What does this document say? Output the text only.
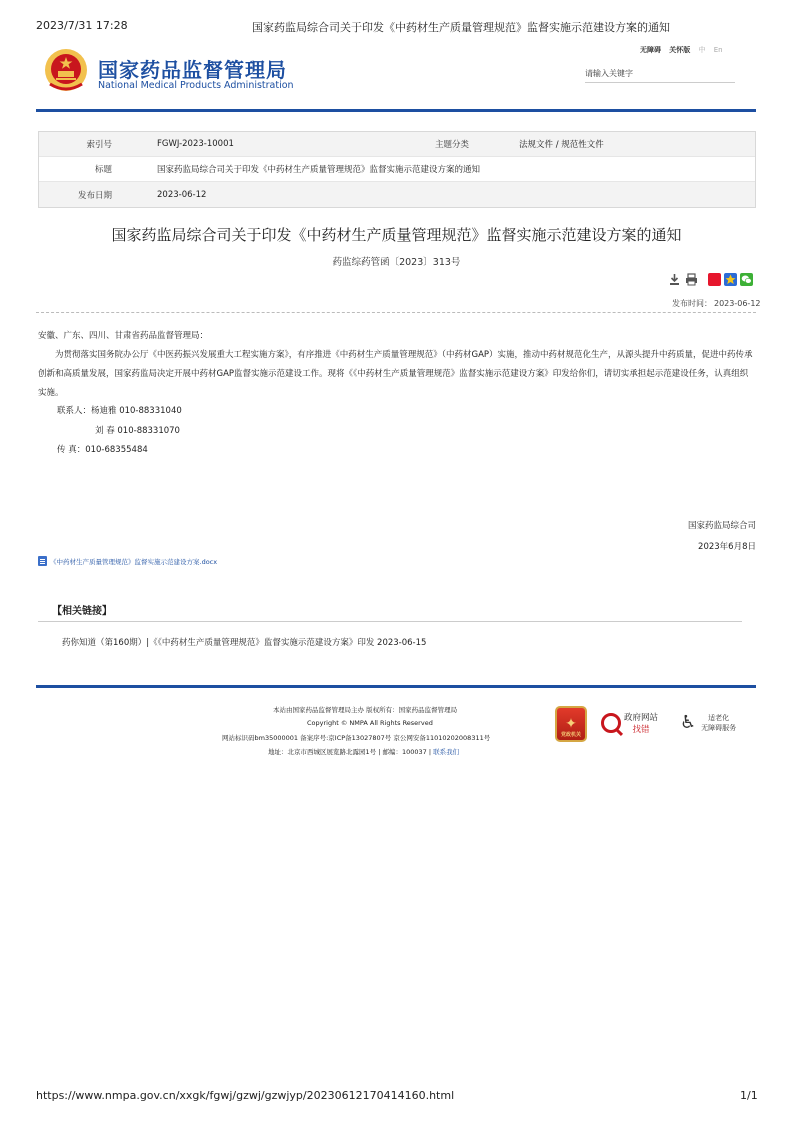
2023/7/31 17:28	国家药监局综合司关于印发《中药材生产质量管理规范》监督实施示范建设方案的通知
国家药品监督管理局
National Medical Products Administration
无障碍 关怀版 中 En
请输入关键字
索引号	FGWJ-2023-10001	主题分类	法规文件 / 规范性文件
标题	国家药监局综合司关于印发《中药材生产质量管理规范》监督实施示范建设方案的通知
发布日期	2023-06-12
国家药监局综合司关于印发《中药材生产质量管理规范》监督实施示范建设方案的通知
药监综药管函〔2023〕313号
发布时间： 2023-06-12
安徽、广东、四川、甘肃省药品监督管理局：
为贯彻落实国务院办公厅《中医药振兴发展重大工程实施方案》，有序推进《中药材生产质量管理规范》（中药材GAP）实施，推动中药材规范化生产，从源头提升中药质量，促进中药传承创新和高质量发展，国家药监局决定开展中药材GAP监督实施示范建设工作。现将《《中药材生产质量管理规范》监督实施示范建设方案》印发给你们，请切实承担起示范建设任务，认真组织实施。
联系人：杨迪雅 010-88331040
刘 春 010-88331070
传 真：010-68355484
国家药监局综合司
2023年6月8日
《中药材生产质量管理规范》监督实施示范建设方案.docx
【相关链接】
药你知道（第160期）|《《中药材生产质量管理规范》监督实施示范建设方案》印发 2023-06-15
本站由国家药品监督管理局主办 版权所有：国家药品监督管理局
Copyright © NMPA All Rights Reserved
网站标识码bm35000001 备案序号:京ICP备13027807号 京公网安备11010202008311号
地址：北京市西城区展览路北露园1号 | 邮编：100037 | 联系我们
党政机关
✦	政府网站
找错	♿	适老化
无障碍服务
https://www.nmpa.gov.cn/xxgk/fgwj/gzwj/gzwjyp/20230612170414160.html	1/1
